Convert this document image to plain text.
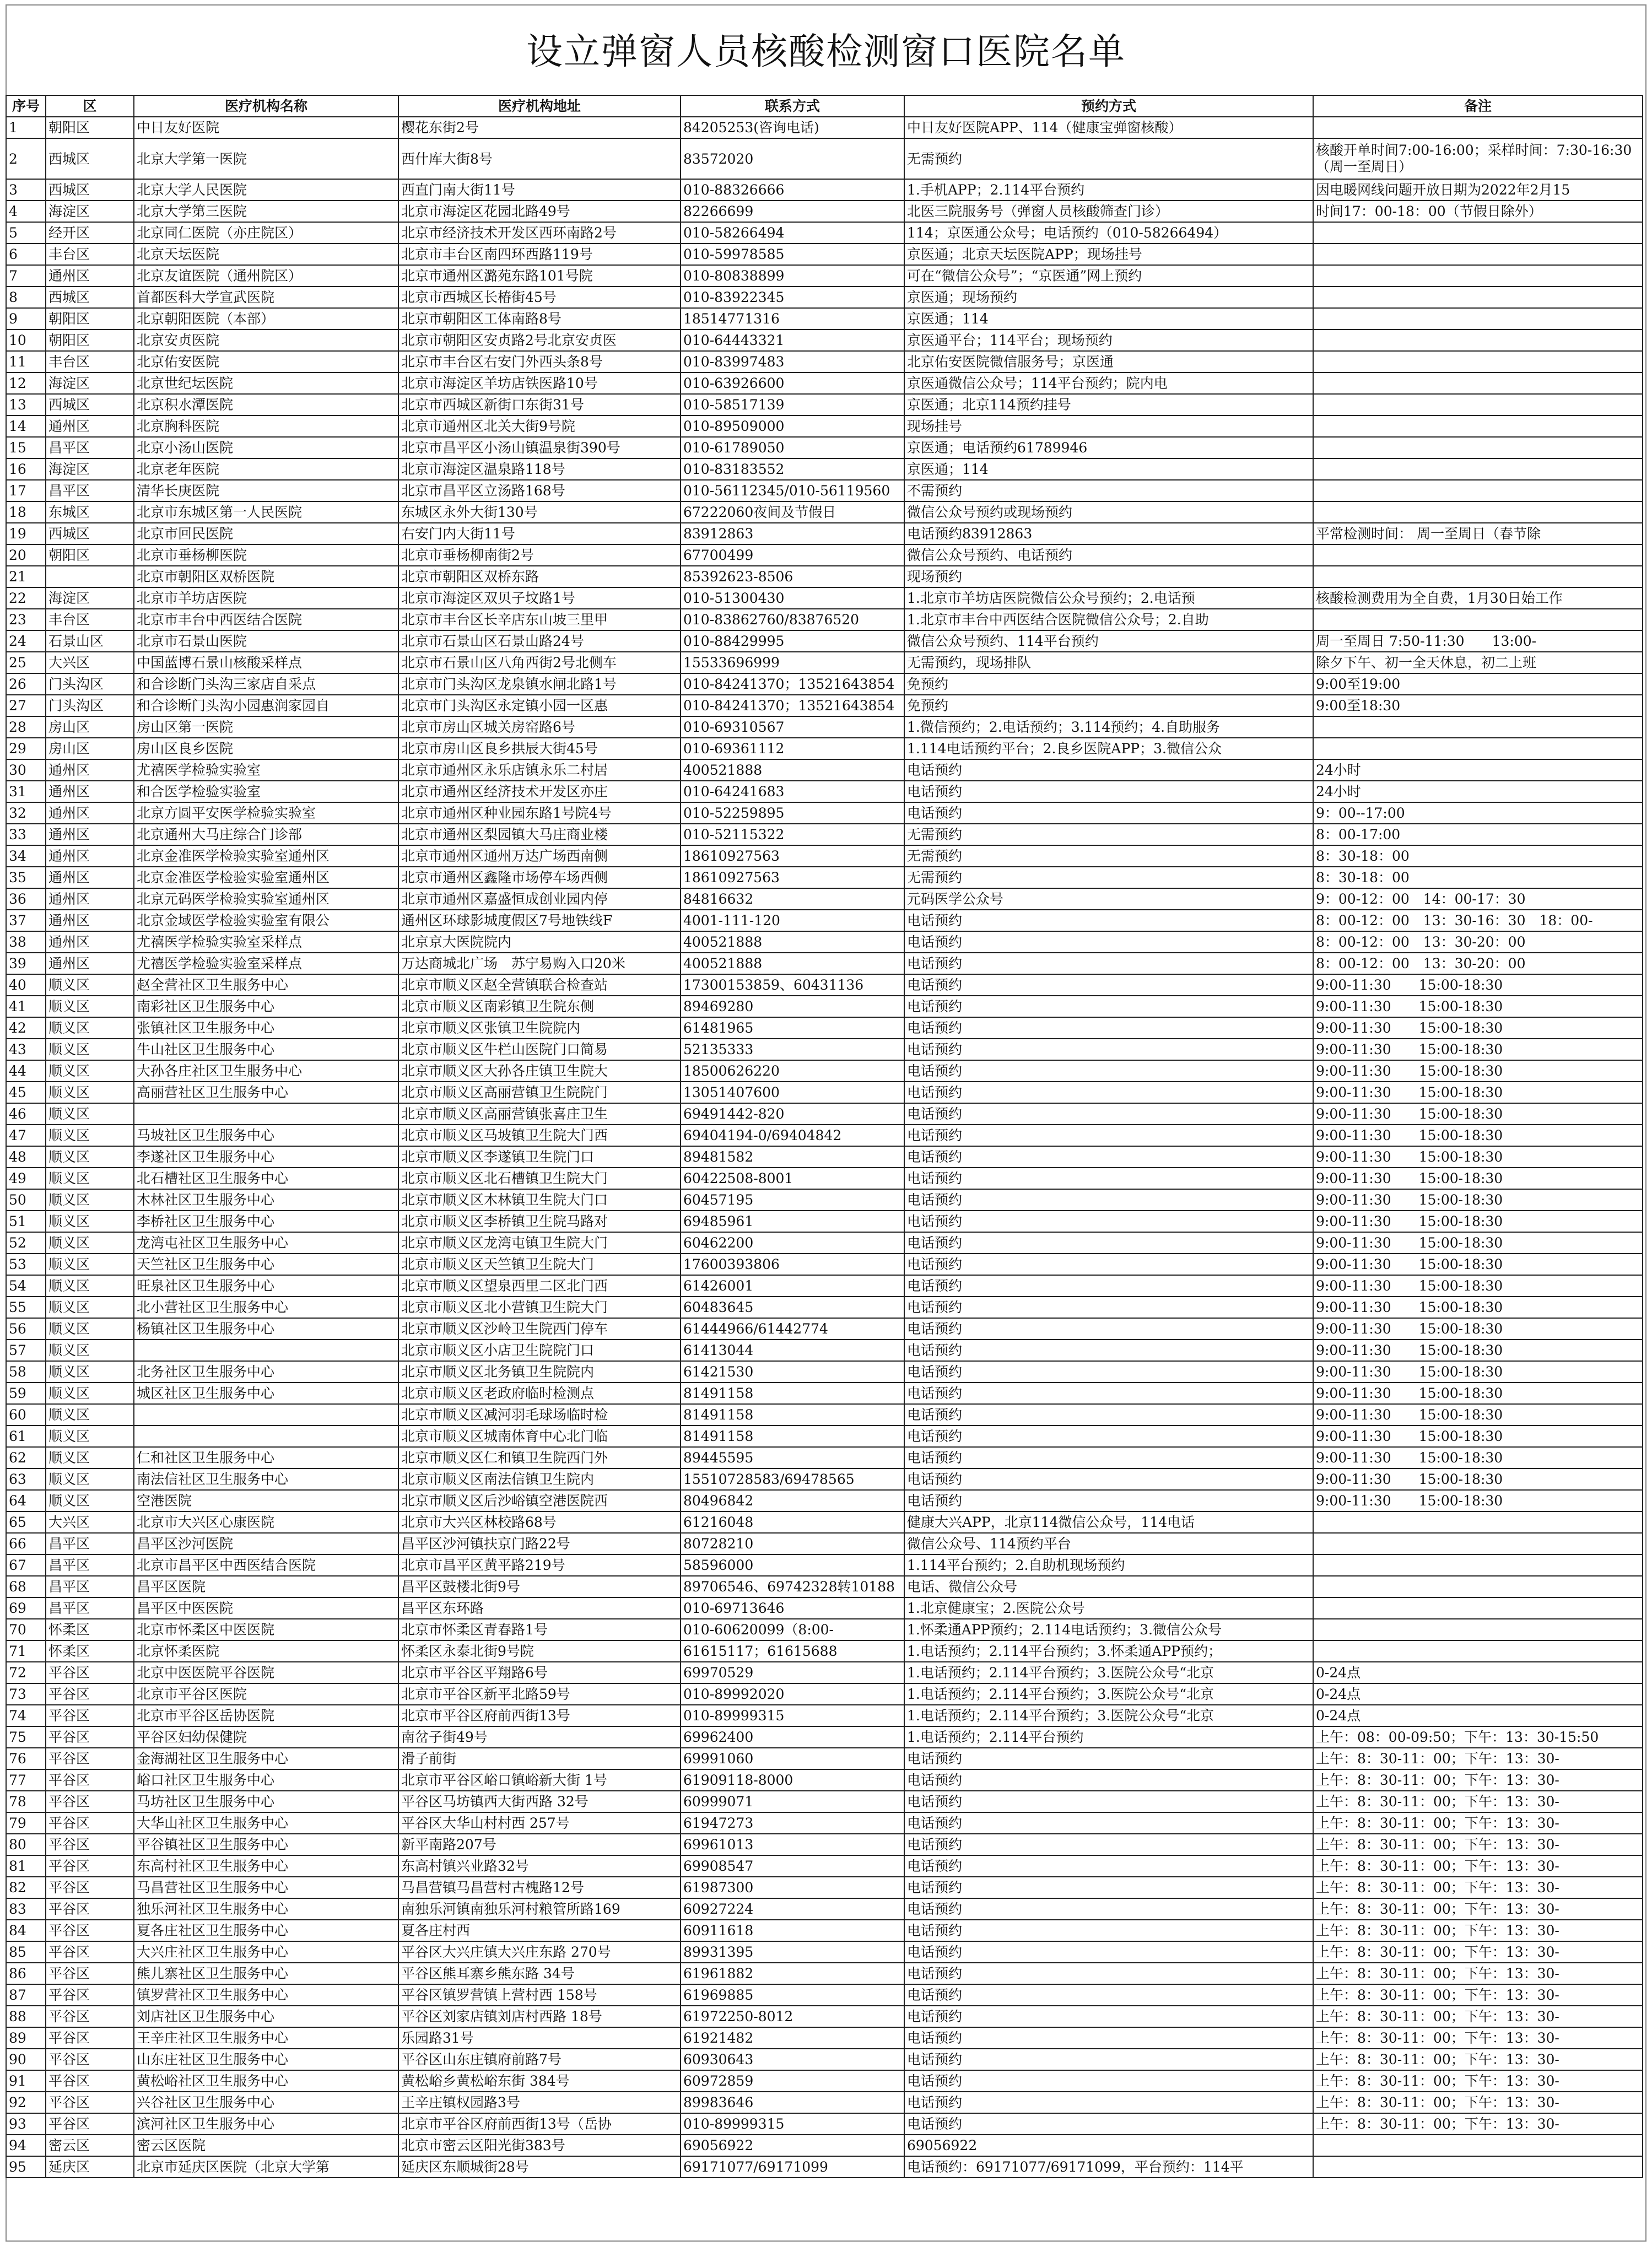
设立弹窗人员核酸检测窗口医院名单
序号	区	医疗机构名称	医疗机构地址	联系方式	预约方式	备注
1	朝阳区	中日友好医院	樱花东街2号	84205253(咨询电话)	中日友好医院APP、114（健康宝弹窗核酸）	
2	西城区	北京大学第一医院	西什库大街8号	83572020	无需预约	核酸开单时间7:00-16:00；采样时间：7:30-16:30（周一至周日）
3	西城区	北京大学人民医院	西直门南大街11号	010-88326666	1.手机APP；2.114平台预约	因电暖网线问题开放日期为2022年2月15
4	海淀区	北京大学第三医院	北京市海淀区花园北路49号	82266699	北医三院服务号（弹窗人员核酸筛查门诊）	时间17：00-18：00（节假日除外）
5	经开区	北京同仁医院（亦庄院区）	北京市经济技术开发区西环南路2号	010-58266494	114；京医通公众号；电话预约（010-58266494）	
6	丰台区	北京天坛医院	北京市丰台区南四环西路119号	010-59978585	京医通；北京天坛医院APP；现场挂号	
7	通州区	北京友谊医院（通州院区）	北京市通州区潞苑东路101号院	010-80838899	可在“微信公众号”；“京医通”网上预约	
8	西城区	首都医科大学宣武医院	北京市西城区长椿街45号	010-83922345	京医通；现场预约	
9	朝阳区	北京朝阳医院（本部）	北京市朝阳区工体南路8号	18514771316	京医通；114	
10	朝阳区	北京安贞医院	北京市朝阳区安贞路2号北京安贞医	010-64443321	京医通平台；114平台；现场预约	
11	丰台区	北京佑安医院	北京市丰台区右安门外西头条8号	010-83997483	北京佑安医院微信服务号；京医通	
12	海淀区	北京世纪坛医院	北京市海淀区羊坊店铁医路10号	010-63926600	京医通微信公众号；114平台预约；院内电	
13	西城区	北京积水潭医院	北京市西城区新街口东街31号	010-58517139	京医通；北京114预约挂号	
14	通州区	北京胸科医院	北京市通州区北关大街9号院	010-89509000	现场挂号	
15	昌平区	北京小汤山医院	北京市昌平区小汤山镇温泉街390号	010-61789050	京医通；电话预约61789946	
16	海淀区	北京老年医院	北京市海淀区温泉路118号	010-83183552	京医通；114	
17	昌平区	清华长庚医院	北京市昌平区立汤路168号	010-56112345/010-56119560	不需预约	
18	东城区	北京市东城区第一人民医院	东城区永外大街130号	67222060夜间及节假日	微信公众号预约或现场预约	
19	西城区	北京市回民医院	右安门内大街11号	83912863	电话预约83912863	平常检测时间： 周一至周日（春节除
20	朝阳区	北京市垂杨柳医院	北京市垂杨柳南街2号	67700499	微信公众号预约、电话预约	
21		北京市朝阳区双桥医院	北京市朝阳区双桥东路	85392623-8506	现场预约	
22	海淀区	北京市羊坊店医院	北京市海淀区双贝子坟路1号	010-51300430	1.北京市羊坊店医院微信公众号预约；2.电话预	核酸检测费用为全自费，1月30日始工作
23	丰台区	北京市丰台中西医结合医院	北京市丰台区长辛店东山坡三里甲	010-83862760/83876520	1.北京市丰台中西医结合医院微信公众号；2.自助	
24	石景山区	北京市石景山医院	北京市石景山区石景山路24号	010-88429995	微信公众号预约、114平台预约	周一至周日 7:50-11:30　　13:00-
25	大兴区	中国蓝博石景山核酸采样点	北京市石景山区八角西街2号北侧车	15533696999	无需预约，现场排队	除夕下午、初一全天休息，初二上班
26	门头沟区	和合诊断门头沟三家店自采点	北京市门头沟区龙泉镇水闸北路1号	010-84241370；13521643854	免预约	9:00至19:00
27	门头沟区	和合诊断门头沟小园惠润家园自	北京市门头沟区永定镇小园一区惠	010-84241370；13521643854	免预约	9:00至18:30
28	房山区	房山区第一医院	北京市房山区城关房窑路6号	010-69310567	1.微信预约；2.电话预约；3.114预约；4.自助服务	
29	房山区	房山区良乡医院	北京市房山区良乡拱辰大街45号	010-69361112	1.114电话预约平台；2.良乡医院APP；3.微信公众	
30	通州区	尤禧医学检验实验室	北京市通州区永乐店镇永乐二村居	400521888	电话预约	24小时
31	通州区	和合医学检验实验室	北京市通州区经济技术开发区亦庄	010-64241683	电话预约	24小时
32	通州区	北京方圆平安医学检验实验室	北京市通州区种业园东路1号院4号	010-52259895	电话预约	9：00--17:00
33	通州区	北京通州大马庄综合门诊部	北京市通州区梨园镇大马庄商业楼	010-52115322	无需预约	8：00-17:00
34	通州区	北京金准医学检验实验室通州区	北京市通州区通州万达广场西南侧	18610927563	无需预约	8：30-18：00
35	通州区	北京金准医学检验实验室通州区	北京市通州区鑫隆市场停车场西侧	18610927563	无需预约	8：30-18：00
36	通州区	北京元码医学检验实验室通州区	北京市通州区嘉盛恒成创业园内停	84816632	元码医学公众号	9：00-12：00　14：00-17：30
37	通州区	北京金域医学检验实验室有限公	通州区环球影城度假区7号地铁线F	4001-111-120	电话预约	8：00-12：00　13：30-16：30　18：00-
38	通州区	尤禧医学检验实验室采样点	北京京大医院院内	400521888	电话预约	8：00-12：00　13：30-20：00
39	通州区	尤禧医学检验实验室采样点	万达商城北广场　苏宁易购入口20米	400521888	电话预约	8：00-12：00　13：30-20：00
40	顺义区	赵全营社区卫生服务中心	北京市顺义区赵全营镇联合检查站	17300153859、60431136	电话预约	9:00-11:30　　15:00-18:30
41	顺义区	南彩社区卫生服务中心	北京市顺义区南彩镇卫生院东侧	89469280	电话预约	9:00-11:30　　15:00-18:30
42	顺义区	张镇社区卫生服务中心	北京市顺义区张镇卫生院院内	61481965	电话预约	9:00-11:30　　15:00-18:30
43	顺义区	牛山社区卫生服务中心	北京市顺义区牛栏山医院门口简易	52135333	电话预约	9:00-11:30　　15:00-18:30
44	顺义区	大孙各庄社区卫生服务中心	北京市顺义区大孙各庄镇卫生院大	18500626220	电话预约	9:00-11:30　　15:00-18:30
45	顺义区	高丽营社区卫生服务中心	北京市顺义区高丽营镇卫生院院门	13051407600	电话预约	9:00-11:30　　15:00-18:30
46	顺义区		北京市顺义区高丽营镇张喜庄卫生	69491442-820	电话预约	9:00-11:30　　15:00-18:30
47	顺义区	马坡社区卫生服务中心	北京市顺义区马坡镇卫生院大门西	69404194-0/69404842	电话预约	9:00-11:30　　15:00-18:30
48	顺义区	李遂社区卫生服务中心	北京市顺义区李遂镇卫生院门口	89481582	电话预约	9:00-11:30　　15:00-18:30
49	顺义区	北石槽社区卫生服务中心	北京市顺义区北石槽镇卫生院大门	60422508-8001	电话预约	9:00-11:30　　15:00-18:30
50	顺义区	木林社区卫生服务中心	北京市顺义区木林镇卫生院大门口	60457195	电话预约	9:00-11:30　　15:00-18:30
51	顺义区	李桥社区卫生服务中心	北京市顺义区李桥镇卫生院马路对	69485961	电话预约	9:00-11:30　　15:00-18:30
52	顺义区	龙湾屯社区卫生服务中心	北京市顺义区龙湾屯镇卫生院大门	60462200	电话预约	9:00-11:30　　15:00-18:30
53	顺义区	天竺社区卫生服务中心	北京市顺义区天竺镇卫生院大门	17600393806	电话预约	9:00-11:30　　15:00-18:30
54	顺义区	旺泉社区卫生服务中心	北京市顺义区望泉西里二区北门西	61426001	电话预约	9:00-11:30　　15:00-18:30
55	顺义区	北小营社区卫生服务中心	北京市顺义区北小营镇卫生院大门	60483645	电话预约	9:00-11:30　　15:00-18:30
56	顺义区	杨镇社区卫生服务中心	北京市顺义区沙岭卫生院西门停车	61444966/61442774	电话预约	9:00-11:30　　15:00-18:30
57	顺义区		北京市顺义区小店卫生院院门口	61413044	电话预约	9:00-11:30　　15:00-18:30
58	顺义区	北务社区卫生服务中心	北京市顺义区北务镇卫生院院内	61421530	电话预约	9:00-11:30　　15:00-18:30
59	顺义区	城区社区卫生服务中心	北京市顺义区老政府临时检测点	81491158	电话预约	9:00-11:30　　15:00-18:30
60	顺义区		北京市顺义区减河羽毛球场临时检	81491158	电话预约	9:00-11:30　　15:00-18:30
61	顺义区		北京市顺义区城南体育中心北门临	81491158	电话预约	9:00-11:30　　15:00-18:30
62	顺义区	仁和社区卫生服务中心	北京市顺义区仁和镇卫生院西门外	89445595	电话预约	9:00-11:30　　15:00-18:30
63	顺义区	南法信社区卫生服务中心	北京市顺义区南法信镇卫生院内	15510728583/69478565	电话预约	9:00-11:30　　15:00-18:30
64	顺义区	空港医院	北京市顺义区后沙峪镇空港医院西	80496842	电话预约	9:00-11:30　　15:00-18:30
65	大兴区	北京市大兴区心康医院	北京市大兴区林校路68号	61216048	健康大兴APP，北京114微信公众号，114电话	
66	昌平区	昌平区沙河医院	昌平区沙河镇扶京门路22号	80728210	微信公众号、114预约平台	
67	昌平区	北京市昌平区中西医结合医院	北京市昌平区黄平路219号	58596000	1.114平台预约；2.自助机现场预约	
68	昌平区	昌平区医院	昌平区鼓楼北街9号	89706546、69742328转10188	电话、微信公众号	
69	昌平区	昌平区中医医院	昌平区东环路	010-69713646	1.北京健康宝；2.医院公众号	
70	怀柔区	北京市怀柔区中医医院	北京市怀柔区青春路1号	010-60620099（8:00-	1.怀柔通APP预约；2.114电话预约；3.微信公众号	
71	怀柔区	北京怀柔医院	怀柔区永泰北街9号院	61615117；61615688	1.电话预约；2.114平台预约；3.怀柔通APP预约；	
72	平谷区	北京中医医院平谷医院	北京市平谷区平翔路6号	69970529	1.电话预约；2.114平台预约；3.医院公众号“北京	0-24点
73	平谷区	北京市平谷区医院	北京市平谷区新平北路59号	010-89992020	1.电话预约；2.114平台预约；3.医院公众号“北京	0-24点
74	平谷区	北京市平谷区岳协医院	北京市平谷区府前西街13号	010-89999315	1.电话预约；2.114平台预约；3.医院公众号“北京	0-24点
75	平谷区	平谷区妇幼保健院	南岔子街49号	69962400	1.电话预约；2.114平台预约	上午：08：00-09:50；下午：13：30-15:50
76	平谷区	金海湖社区卫生服务中心	滑子前街	69991060	电话预约	上午：8：30-11：00；下午：13：30-
77	平谷区	峪口社区卫生服务中心	北京市平谷区峪口镇峪新大街 1号	61909118-8000	电话预约	上午：8：30-11：00；下午：13：30-
78	平谷区	马坊社区卫生服务中心	平谷区马坊镇西大街西路 32号	60999071	电话预约	上午：8：30-11：00；下午：13：30-
79	平谷区	大华山社区卫生服务中心	平谷区大华山村村西 257号	61947273	电话预约	上午：8：30-11：00；下午：13：30-
80	平谷区	平谷镇社区卫生服务中心	新平南路207号	69961013	电话预约	上午：8：30-11：00；下午：13：30-
81	平谷区	东高村社区卫生服务中心	东高村镇兴业路32号	69908547	电话预约	上午：8：30-11：00；下午：13：30-
82	平谷区	马昌营社区卫生服务中心	马昌营镇马昌营村古槐路12号	61987300	电话预约	上午：8：30-11：00；下午：13：30-
83	平谷区	独乐河社区卫生服务中心	南独乐河镇南独乐河村粮管所路169	60927224	电话预约	上午：8：30-11：00；下午：13：30-
84	平谷区	夏各庄社区卫生服务中心	夏各庄村西	60911618	电话预约	上午：8：30-11：00；下午：13：30-
85	平谷区	大兴庄社区卫生服务中心	平谷区大兴庄镇大兴庄东路 270号	89931395	电话预约	上午：8：30-11：00；下午：13：30-
86	平谷区	熊儿寨社区卫生服务中心	平谷区熊耳寨乡熊东路 34号	61961882	电话预约	上午：8：30-11：00；下午：13：30-
87	平谷区	镇罗营社区卫生服务中心	平谷区镇罗营镇上营村西 158号	61969885	电话预约	上午：8：30-11：00；下午：13：30-
88	平谷区	刘店社区卫生服务中心	平谷区刘家店镇刘店村西路 18号	61972250-8012	电话预约	上午：8：30-11：00；下午：13：30-
89	平谷区	王辛庄社区卫生服务中心	乐园路31号	61921482	电话预约	上午：8：30-11：00；下午：13：30-
90	平谷区	山东庄社区卫生服务中心	平谷区山东庄镇府前路7号	60930643	电话预约	上午：8：30-11：00；下午：13：30-
91	平谷区	黄松峪社区卫生服务中心	黄松峪乡黄松峪东街 384号	60972859	电话预约	上午：8：30-11：00；下午：13：30-
92	平谷区	兴谷社区卫生服务中心	王辛庄镇权园路3号	89983646	电话预约	上午：8：30-11：00；下午：13：30-
93	平谷区	滨河社区卫生服务中心	北京市平谷区府前西街13号（岳协	010-89999315	电话预约	上午：8：30-11：00；下午：13：30-
94	密云区	密云区医院	北京市密云区阳光街383号	69056922	69056922	
95	延庆区	北京市延庆区医院（北京大学第	延庆区东顺城街28号	69171077/69171099	电话预约：69171077/69171099，平台预约：114平	
